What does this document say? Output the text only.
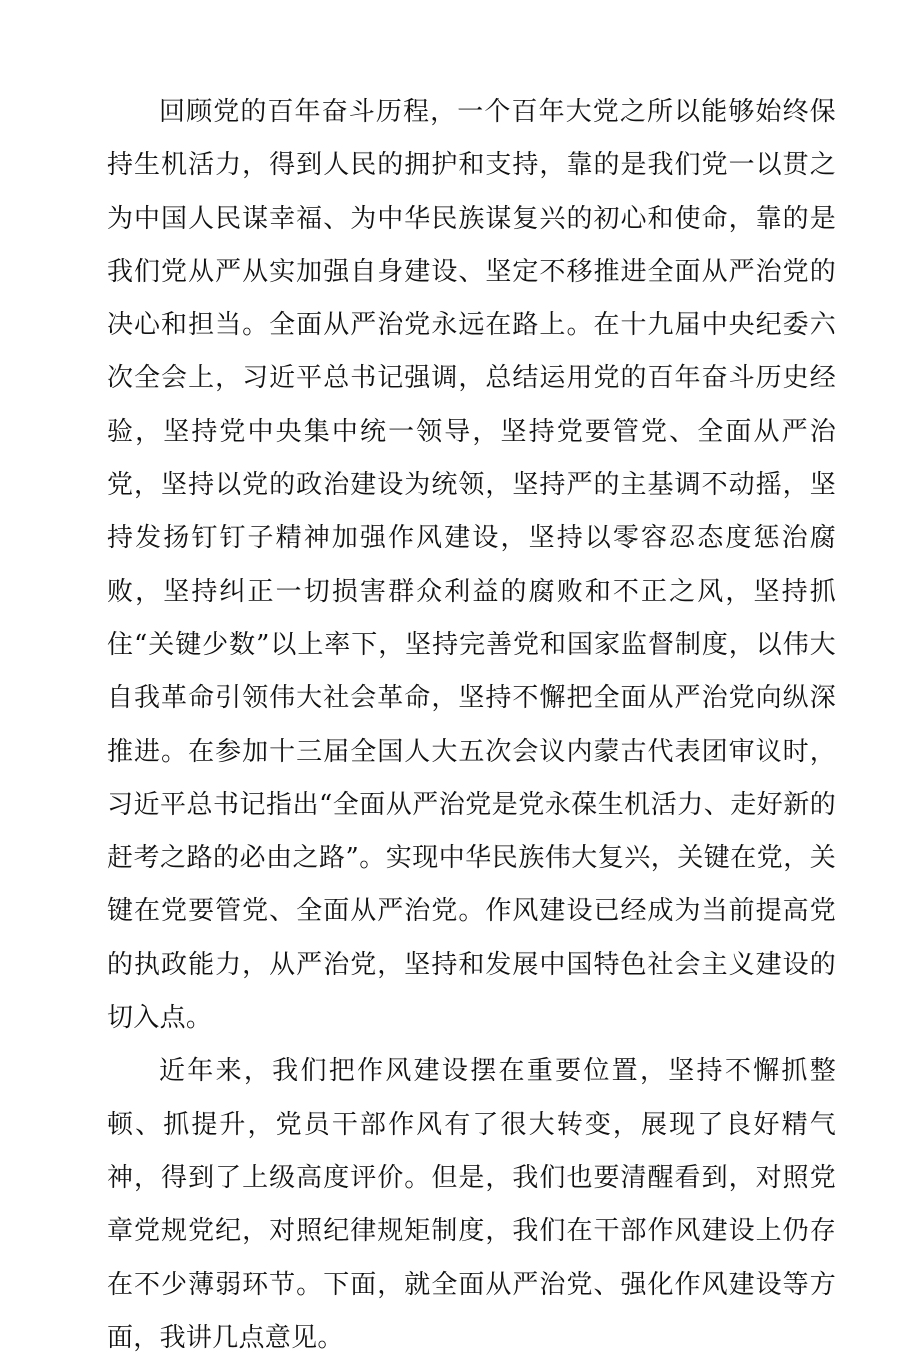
回顾党的百年奋斗历程，一个百年大党之所以能够始终保持生机活力，得到人民的拥护和支持，靠的是我们党一以贯之为中国人民谋幸福、为中华民族谋复兴的初心和使命，靠的是我们党从严从实加强自身建设、坚定不移推进全面从严治党的决心和担当。全面从严治党永远在路上。在十九届中央纪委六次全会上，习近平总书记强调，总结运用党的百年奋斗历史经验，坚持党中央集中统一领导，坚持党要管党、全面从严治党，坚持以党的政治建设为统领，坚持严的主基调不动摇，坚持发扬钉钉子精神加强作风建设，坚持以零容忍态度惩治腐败，坚持纠正一切损害群众利益的腐败和不正之风，坚持抓住“关键少数”以上率下，坚持完善党和国家监督制度，以伟大自我革命引领伟大社会革命，坚持不懈把全面从严治党向纵深推进。在参加十三届全国人大五次会议内蒙古代表团审议时，习近平总书记指出“全面从严治党是党永葆生机活力、走好新的赶考之路的必由之路”。实现中华民族伟大复兴，关键在党，关键在党要管党、全面从严治党。作风建设已经成为当前提高党的执政能力，从严治党，坚持和发展中国特色社会主义建设的切入点。

近年来，我们把作风建设摆在重要位置，坚持不懈抓整顿、抓提升，党员干部作风有了很大转变，展现了良好精气神，得到了上级高度评价。但是，我们也要清醒看到，对照党章党规党纪，对照纪律规矩制度，我们在干部作风建设上仍存在不少薄弱环节。下面，就全面从严治党、强化作风建设等方面，我讲几点意见。
